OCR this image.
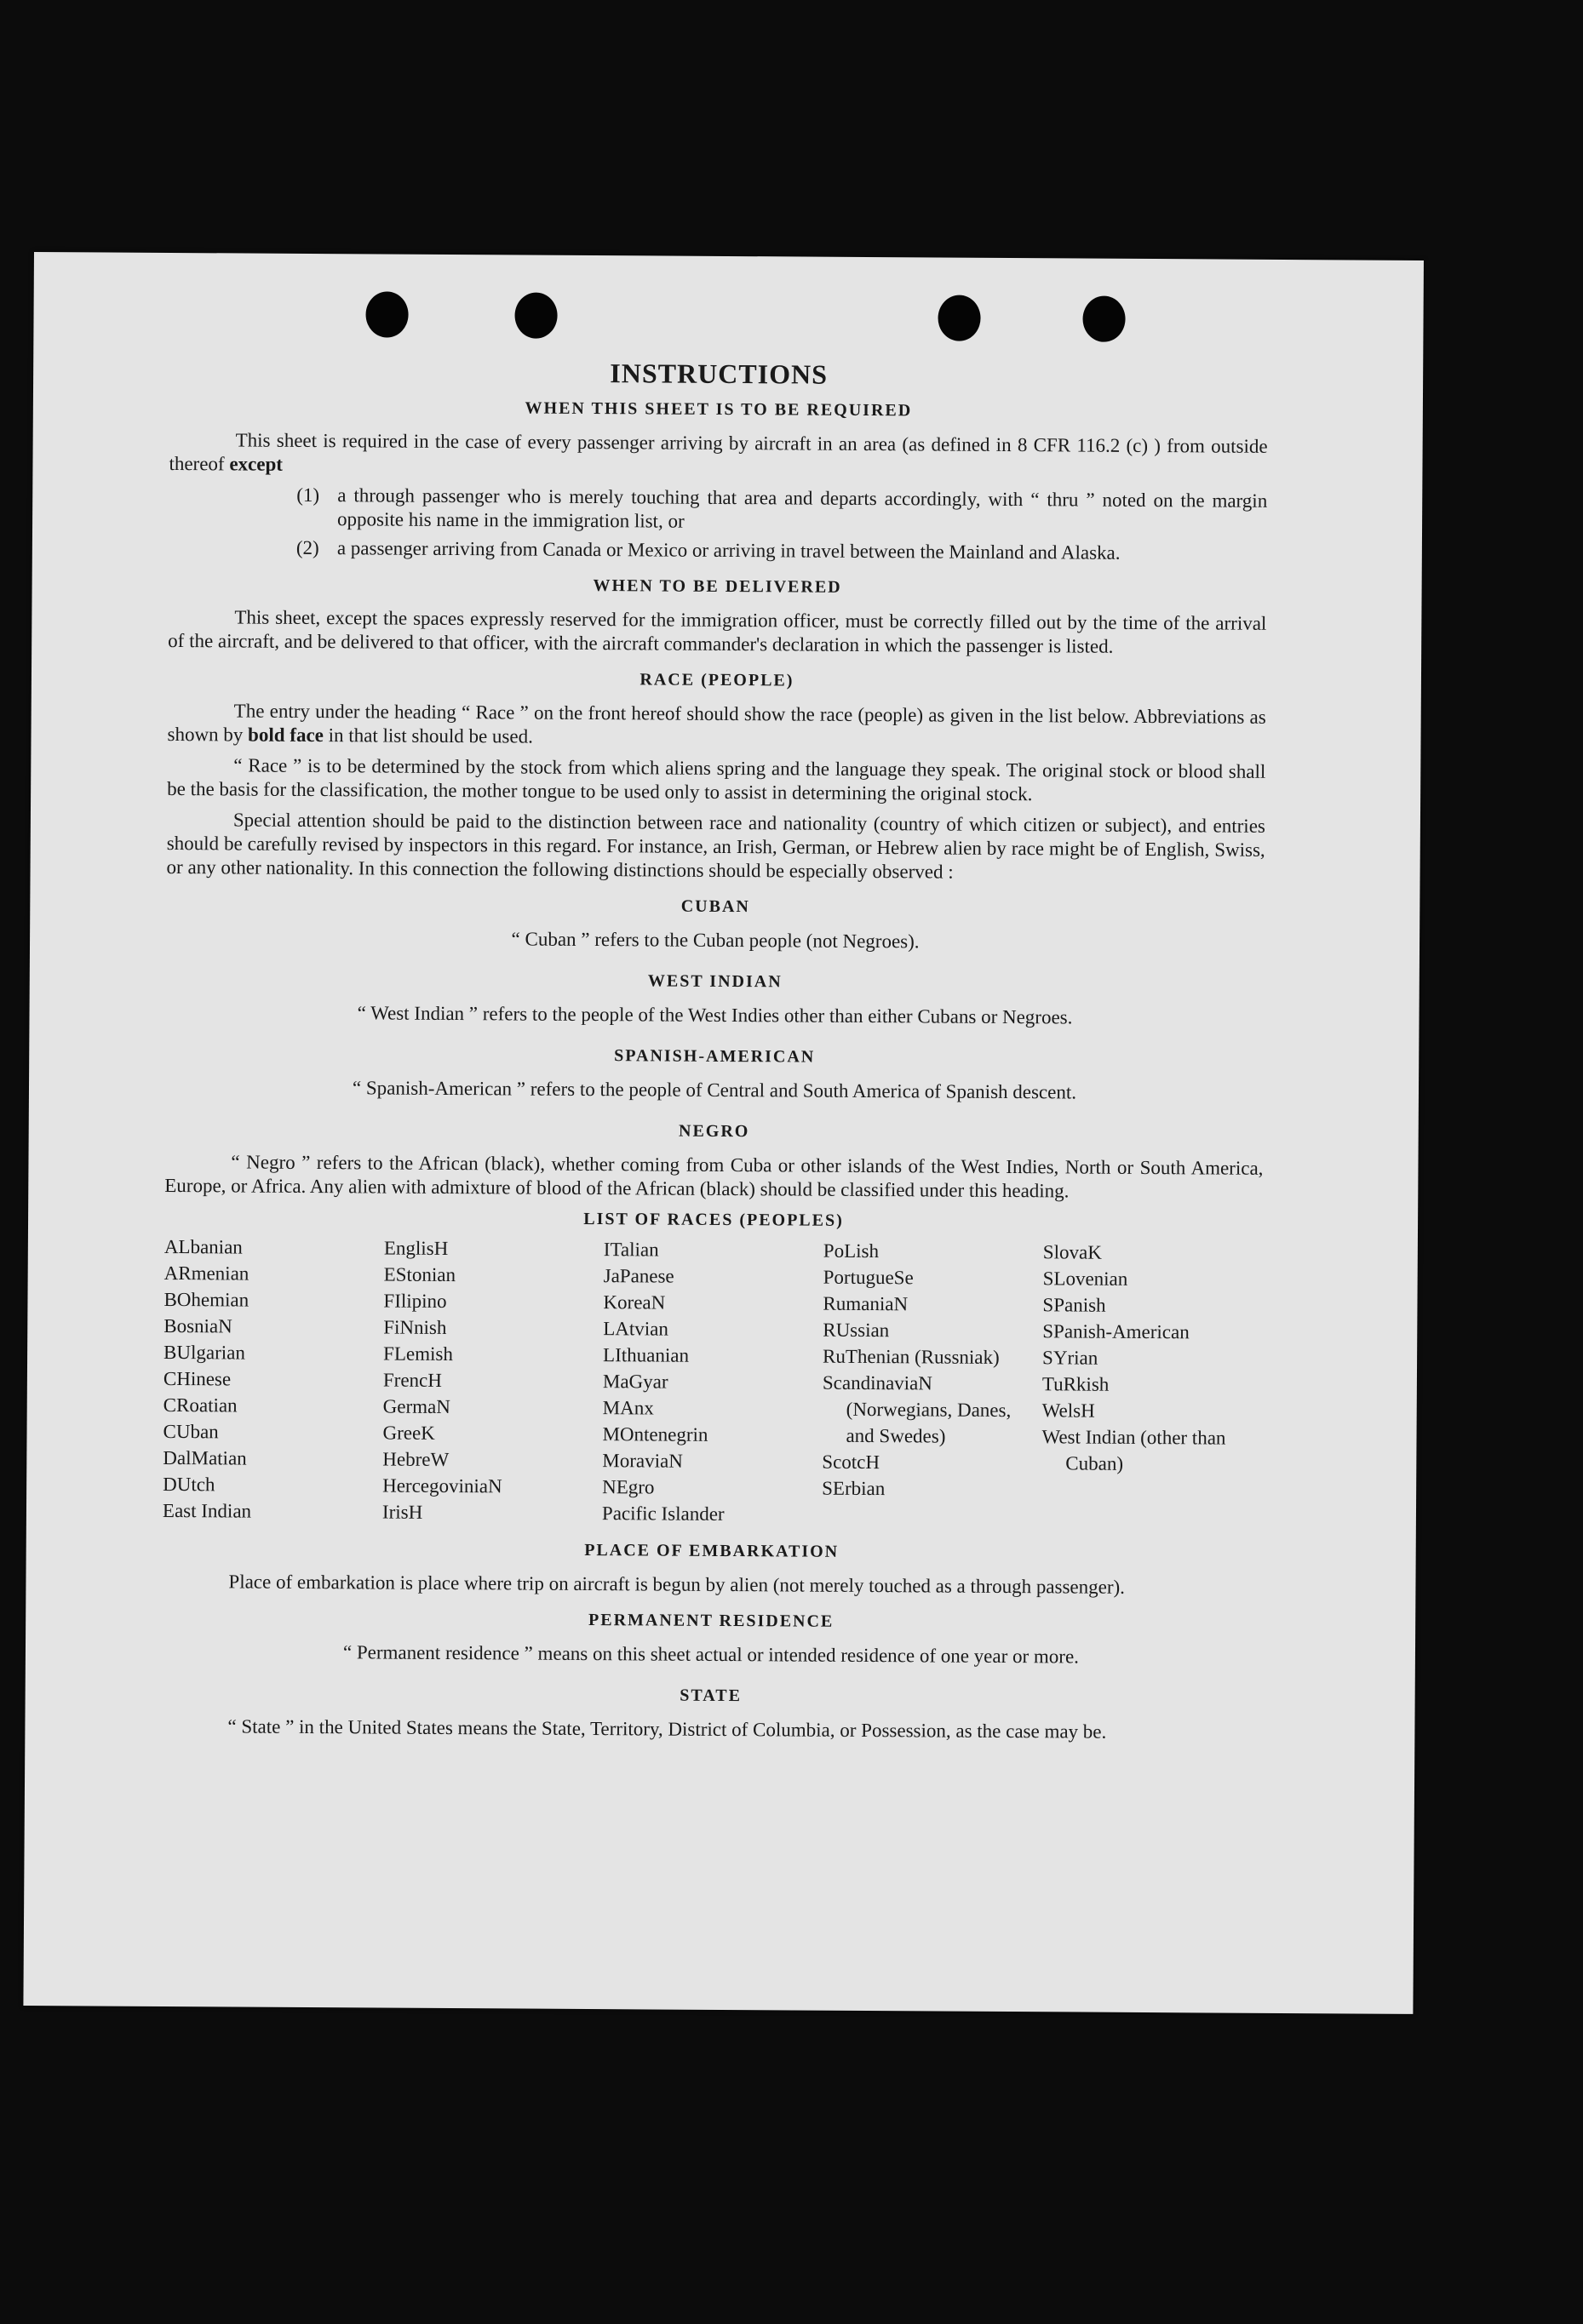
INSTRUCTIONS
WHEN THIS SHEET IS TO BE REQUIRED

This sheet is required in the case of every passenger arriving by aircraft in an area (as defined in 8 CFR 116.2 (c) ) from outside thereof except

(1) a through passenger who is merely touching that area and departs accordingly, with “ thru ” noted on the margin opposite his name in the immigration list, or
(2) a passenger arriving from Canada or Mexico or arriving in travel between the Mainland and Alaska.
WHEN TO BE DELIVERED

This sheet, except the spaces expressly reserved for the immigration officer, must be correctly filled out by the time of the arrival of the aircraft, and be delivered to that officer, with the aircraft commander's declaration in which the passenger is listed.

RACE (PEOPLE)

The entry under the heading “ Race ” on the front hereof should show the race (people) as given in the list below. Abbreviations as shown by bold face in that list should be used.

“ Race ” is to be determined by the stock from which aliens spring and the language they speak. The original stock or blood shall be the basis for the classification, the mother tongue to be used only to assist in determining the original stock.

Special attention should be paid to the distinction between race and nationality (country of which citizen or subject), and entries should be carefully revised by inspectors in this regard. For instance, an Irish, German, or Hebrew alien by race might be of English, Swiss, or any other nationality. In this connection the following distinctions should be especially observed :

CUBAN
“ Cuban ” refers to the Cuban people (not Negroes).
WEST INDIAN
“ West Indian ” refers to the people of the West Indies other than either Cubans or Negroes.
SPANISH-AMERICAN
“ Spanish-American ” refers to the people of Central and South America of Spanish descent.
NEGRO

“ Negro ” refers to the African (black), whether coming from Cuba or other islands of the West Indies, North or South America, Europe, or Africa. Any alien with admixture of blood of the African (black) should be classified under this heading.

LIST OF RACES (PEOPLES)
ALbanian
ARmenian
BOhemian
BosniaN
BUlgarian
CHinese
CRoatian
CUban
DalMatian
DUtch
East Indian
EnglisH
EStonian
FIlipino
FiNnish
FLemish
FrencH
GermaN
GreeK
HebreW
HercegoviniaN
IrisH
ITalian
JaPanese
KoreaN
LAtvian
LIthuanian
MaGyar
MAnx
MOntenegrin
MoraviaN
NEgro
Pacific Islander
PoLish
PortugueSe
RumaniaN
RUssian
RuThenian (Russniak)
ScandinaviaN (Norwegians, Danes, and Swedes)
ScotcH
SErbian
SlovaK
SLovenian
SPanish
SPanish-American
SYrian
TuRkish
WelsH
West Indian (other than Cuban)
PLACE OF EMBARKATION

Place of embarkation is place where trip on aircraft is begun by alien (not merely touched as a through passenger).

PERMANENT RESIDENCE
“ Permanent residence ” means on this sheet actual or intended residence of one year or more.
STATE

“ State ” in the United States means the State, Territory, District of Columbia, or Possession, as the case may be.
